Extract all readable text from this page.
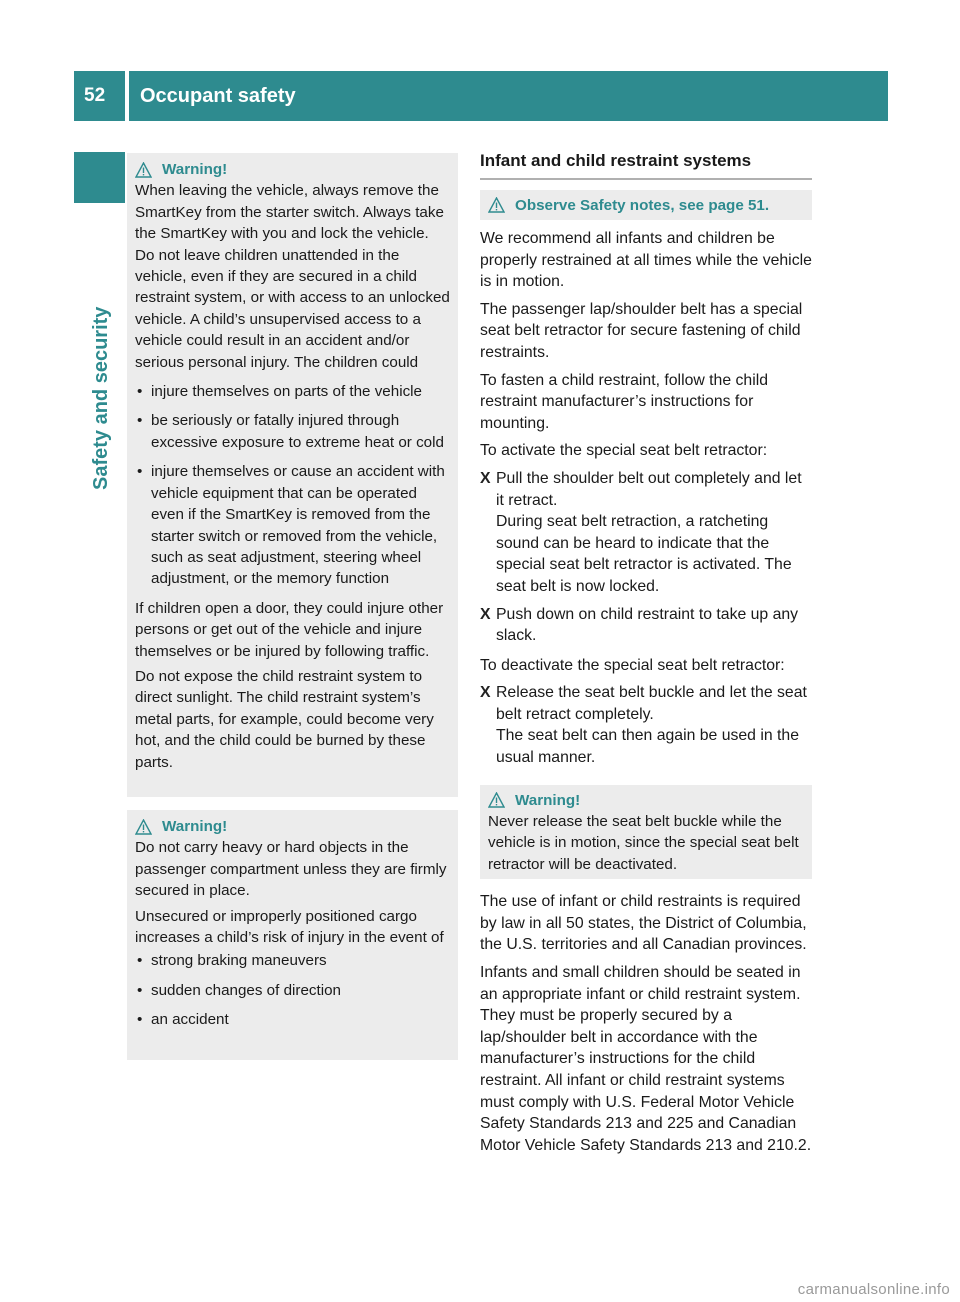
52	Occupant safety
Safety and security
Warning!

When leaving the vehicle, always remove the SmartKey from the starter switch. Always take the SmartKey with you and lock the vehicle. Do not leave children unattended in the vehicle, even if they are secured in a child restraint system, or with access to an unlocked vehicle. A child’s unsupervised access to a vehicle could result in an accident and/or serious personal injury. The children could

• injure themselves on parts of the vehicle
• be seriously or fatally injured through excessive exposure to extreme heat or cold
• injure themselves or cause an accident with vehicle equipment that can be operated even if the SmartKey is removed from the starter switch or removed from the vehicle, such as seat adjustment, steering wheel adjustment, or the memory function

If children open a door, they could injure other persons or get out of the vehicle and injure themselves or be injured by following traffic.

Do not expose the child restraint system to direct sunlight. The child restraint system’s metal parts, for example, could become very hot, and the child could be burned by these parts.

Warning!

Do not carry heavy or hard objects in the passenger compartment unless they are firmly secured in place.

Unsecured or improperly positioned cargo increases a child’s risk of injury in the event of

• strong braking maneuvers
• sudden changes of direction
• an accident
Infant and child restraint systems
Observe Safety notes, see page 51.

We recommend all infants and children be properly restrained at all times while the vehicle is in motion.

The passenger lap/shoulder belt has a special seat belt retractor for secure fastening of child restraints.

To fasten a child restraint, follow the child restraint manufacturer’s instructions for mounting.

To activate the special seat belt retractor:

X Pull the shoulder belt out completely and let it retract.
During seat belt retraction, a ratcheting sound can be heard to indicate that the special seat belt retractor is activated. The seat belt is now locked.
X Push down on child restraint to take up any slack.

To deactivate the special seat belt retractor:

X Release the seat belt buckle and let the seat belt retract completely.
The seat belt can then again be used in the usual manner.
Warning!
Never release the seat belt buckle while the vehicle is in motion, since the special seat belt retractor will be deactivated.

The use of infant or child restraints is required by law in all 50 states, the District of Columbia, the U.S. territories and all Canadian provinces.

Infants and small children should be seated in an appropriate infant or child restraint system. They must be properly secured by a lap/shoulder belt in accordance with the manufacturer’s instructions for the child restraint. All infant or child restraint systems must comply with U.S. Federal Motor Vehicle Safety Standards 213 and 225 and Canadian Motor Vehicle Safety Standards 213 and 210.2.

carmanualsonline.info
